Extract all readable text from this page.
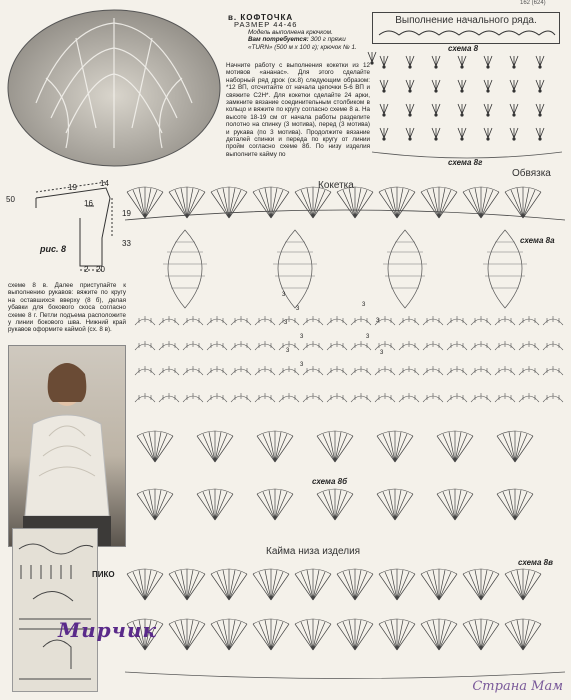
в. КОФТОЧКА
РАЗМЕР 44-46
Модель выполнена крючком.
Вам потребуется: 300 г пряжи «TURN» (500 м х 100 г); крючок № 1.
Начните работу с выполнения кокетки из 12 мотивов «ананас». Для этого сделайте наборный ряд дрок (ск.8) следующим образом: *12 ВП, отсчитайте от начала цепочки 5-6 ВП и свяжите С2Н*. Для кокетки сделайте 24 арки, замкните вязание соединительным столбиком в кольцо и вяжите по кругу согласно схеме 8 а. На высоте 18-19 см от начала работы разделите полотно на спинку (3 мотива), перед (3 мотива) и рукава (по 3 мотива). Продолжите вязание деталей спинки и переда по кругу от линии пройм согласно схеме 8б. По низу изделия выполните кайму по
Выполнение начального ряда.
162 (624)
схема 8
схема 8г
Обвязка
50
19	14
16
19
33
2 20
рис. 8
схеме 8 в. Далее приступайте к выполнению рукавов: вяжите по кругу на оставшихся вверху (8 б), делая убавки для бокового скоса согласно схеме 8 г. Петли подъема расположите у линии бокового шва. Нижний край рукавов оформите каймой (сх. 8 в).
ПИКО
3
3
3
3
3
3
3
3
3
3
Кокетка
схема 8а
схема 8б
Кайма низа изделия
схема 8в
Мирчик
Страна Мам
